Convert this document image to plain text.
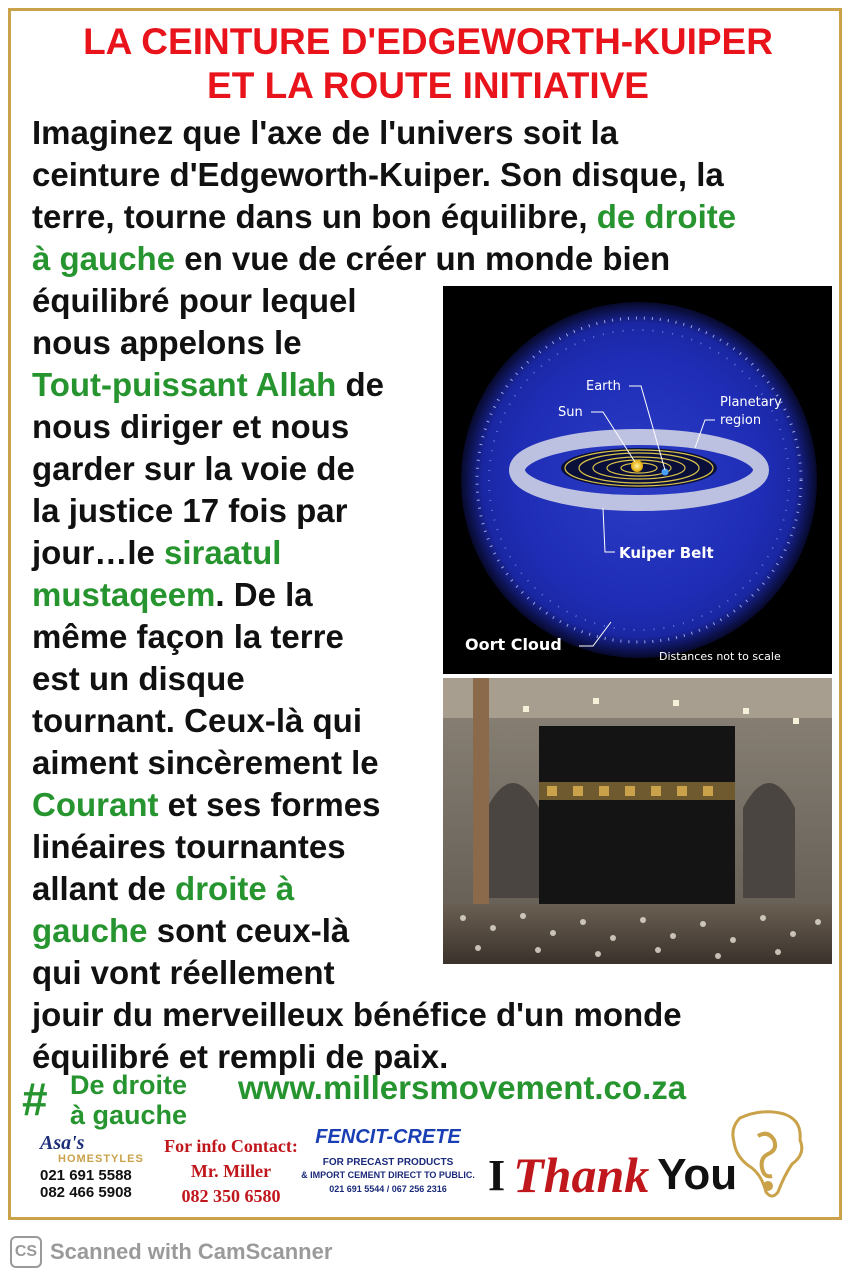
LA CEINTURE D'EDGEWORTH-KUIPER
ET LA ROUTE INITIATIVE

Imaginez que l'axe de l'univers soit la

ceinture d'Edgeworth-Kuiper. Son disque, la

terre, tourne dans un bon équilibre, de droite

à gauche en vue de créer un monde bien

équilibré pour lequel

nous appelons le

Tout-puissant Allah de

nous diriger et nous

garder sur la voie de

la justice 17 fois par

jour…le siraatul

mustaqeem. De la

même façon la terre

est un disque

tournant. Ceux-là qui

aiment sincèrement le

Courant et ses formes

linéaires tournantes

allant de droite à

gauche sont ceux-là

qui vont réellement

jouir du merveilleux bénéfice d'un monde

équilibré et rempli de paix.

Earth
Sun
Planetary
region
Kuiper Belt
Oort Cloud
Distances not to scale
# De droite
à gauche
www.millersmovement.co.za
Asa's
HOMESTYLES
021 691 5588
082 466 5908
For info Contact:
Mr. Miller
082 350 6580
FENCIT-CRETE
FOR PRECAST PRODUCTS
& IMPORT CEMENT DIRECT TO PUBLIC.
021 691 5544 / 067 256 2316 I Thank You
CS Scanned with CamScanner
